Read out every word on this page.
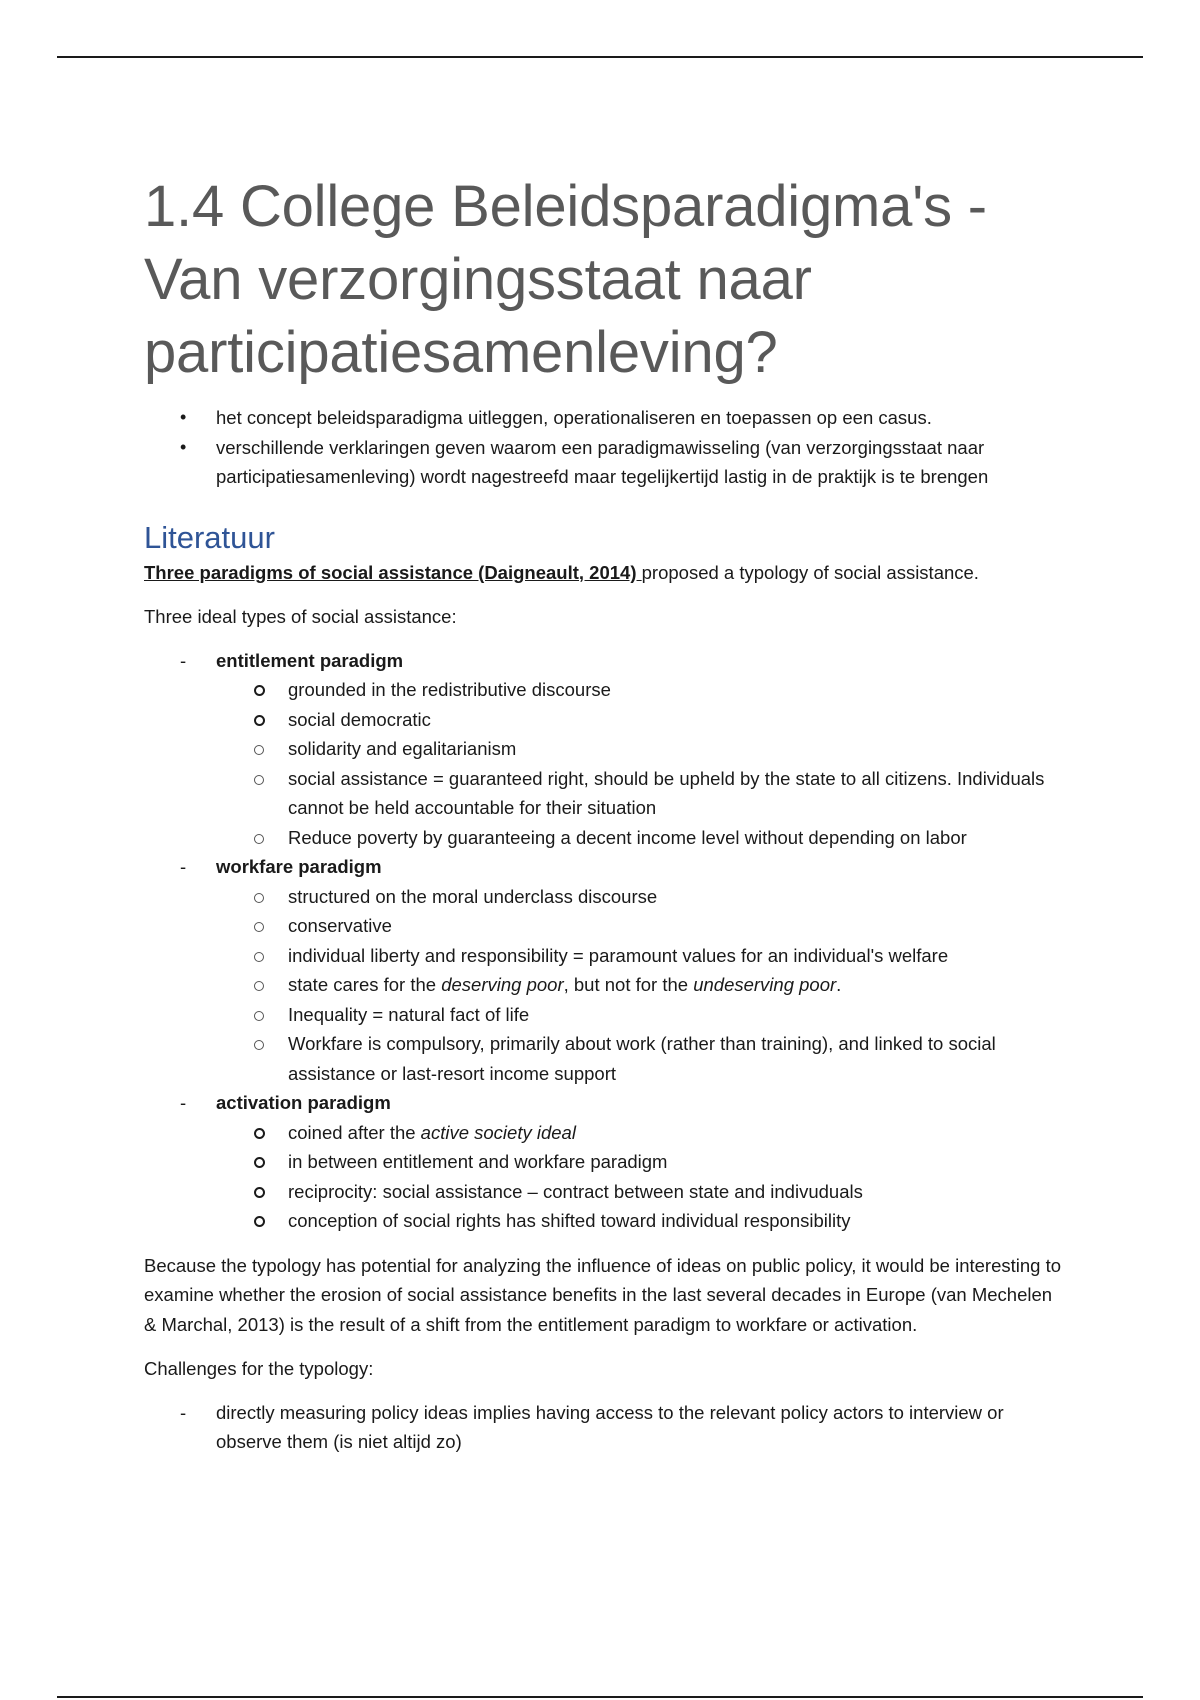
1.4 College Beleidsparadigma's - Van verzorgingsstaat naar participatiesamenleving?
• het concept beleidsparadigma uitleggen, operationaliseren en toepassen op een casus.
• verschillende verklaringen geven waarom een paradigmawisseling (van verzorgingsstaat naar participatiesamenleving) wordt nagestreefd maar tegelijkertijd lastig in de praktijk is te brengen
Literatuur

Three paradigms of social assistance (Daigneault, 2014) proposed a typology of social assistance.

Three ideal types of social assistance:

- entitlement paradigm
grounded in the redistributive discourse
social democratic
solidarity and egalitarianism
social assistance = guaranteed right, should be upheld by the state to all citizens. Individuals cannot be held accountable for their situation
Reduce poverty by guaranteeing a decent income level without depending on labor
- workfare paradigm
structured on the moral underclass discourse
conservative
individual liberty and responsibility = paramount values for an individual's welfare
state cares for the deserving poor, but not for the undeserving poor.
Inequality = natural fact of life
Workfare is compulsory, primarily about work (rather than training), and linked to social assistance or last-resort income support
- activation paradigm
coined after the active society ideal
in between entitlement and workfare paradigm
reciprocity: social assistance – contract between state and indivuduals
conception of social rights has shifted toward individual responsibility

Because the typology has potential for analyzing the influence of ideas on public policy, it would be interesting to examine whether the erosion of social assistance benefits in the last several decades in Europe (van Mechelen & Marchal, 2013) is the result of a shift from the entitlement paradigm to workfare or activation.

Challenges for the typology:

- directly measuring policy ideas implies having access to the relevant policy actors to interview or observe them (is niet altijd zo)
